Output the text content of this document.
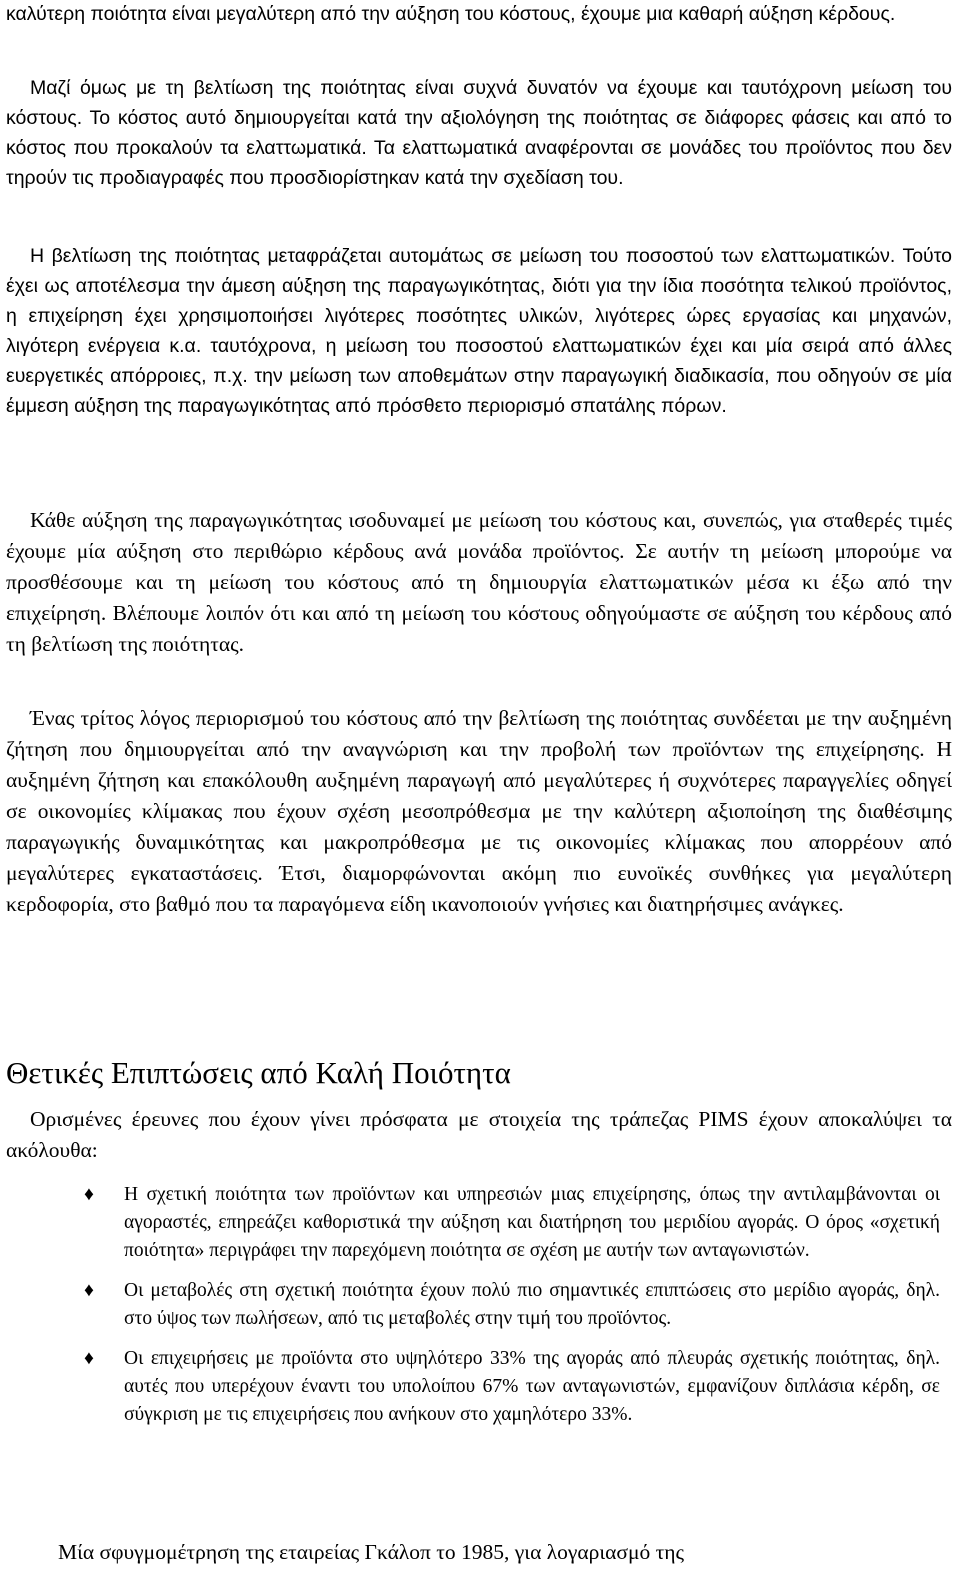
καλύτερη ποιότητα είναι μεγαλύτερη από την αύξηση του κόστους, έχουμε μια καθαρή αύξηση κέρδους.

Μαζί όμως με τη βελτίωση της ποιότητας είναι συχνά δυνατόν να έχουμε και ταυτόχρονη μείωση του κόστους. Το κόστος αυτό δημιουργείται κατά την αξιολόγηση της ποιότητας σε διάφορες φάσεις και από το κόστος που προκαλούν τα ελαττωματικά. Τα ελαττωματικά αναφέρονται σε μονάδες του προϊόντος που δεν τηρούν τις προδιαγραφές που προσδιορίστηκαν κατά την σχεδίαση του.

Η βελτίωση της ποιότητας μεταφράζεται αυτομάτως σε μείωση του ποσοστού των ελαττωματικών. Τούτο έχει ως αποτέλεσμα την άμεση αύξηση της παραγωγικότητας, διότι για την ίδια ποσότητα τελικού προϊόντος, η επιχείρηση έχει χρησιμοποιήσει λιγότερες ποσότητες υλικών, λιγότερες ώρες εργασίας και μηχανών, λιγότερη ενέργεια κ.α. ταυτόχρονα, η μείωση του ποσοστού ελαττωματικών έχει και μία σειρά από άλλες ευεργετικές απόρροιες, π.χ. την μείωση των αποθεμάτων στην παραγωγική διαδικασία, που οδηγούν σε μία έμμεση αύξηση της παραγωγικότητας από πρόσθετο περιορισμό σπατάλης πόρων.

Κάθε αύξηση της παραγωγικότητας ισοδυναμεί με μείωση του κόστους και, συνεπώς, για σταθερές τιμές έχουμε μία αύξηση στο περιθώριο κέρδους ανά μονάδα προϊόντος. Σε αυτήν τη μείωση μπορούμε να προσθέσουμε και τη μείωση του κόστους από τη δημιουργία ελαττωματικών μέσα κι έξω από την επιχείρηση. Βλέπουμε λοιπόν ότι και από τη μείωση του κόστους οδηγούμαστε σε αύξηση του κέρδους από τη βελτίωση της ποιότητας.

Ένας τρίτος λόγος περιορισμού του κόστους από την βελτίωση της ποιότητας συνδέεται με την αυξημένη ζήτηση που δημιουργείται από την αναγνώριση και την προβολή των προϊόντων της επιχείρησης. Η αυξημένη ζήτηση και επακόλουθη αυξημένη παραγωγή από μεγαλύτερες ή συχνότερες παραγγελίες οδηγεί σε οικονομίες κλίμακας που έχουν σχέση μεσοπρόθεσμα με την καλύτερη αξιοποίηση της διαθέσιμης παραγωγικής δυναμικότητας και μακροπρόθεσμα με τις οικονομίες κλίμακας που απορρέουν από μεγαλύτερες εγκαταστάσεις. Έτσι, διαμορφώνονται ακόμη πιο ευνοϊκές συνθήκες για μεγαλύτερη κερδοφορία, στο βαθμό που τα παραγόμενα είδη ικανοποιούν γνήσιες και διατηρήσιμες ανάγκες.

Θετικές Επιπτώσεις από Καλή Ποιότητα

Ορισμένες έρευνες που έχουν γίνει πρόσφατα με στοιχεία της τράπεζας PIMS έχουν αποκαλύψει τα ακόλουθα:

♦ Η σχετική ποιότητα των προϊόντων και υπηρεσιών μιας επιχείρησης, όπως την αντιλαμβάνονται οι αγοραστές, επηρεάζει καθοριστικά την αύξηση και διατήρηση του μεριδίου αγοράς. Ο όρος «σχετική ποιότητα» περιγράφει την παρεχόμενη ποιότητα σε σχέση με αυτήν των ανταγωνιστών.
♦ Οι μεταβολές στη σχετική ποιότητα έχουν πολύ πιο σημαντικές επιπτώσεις στο μερίδιο αγοράς, δηλ. στο ύψος των πωλήσεων, από τις μεταβολές στην τιμή του προϊόντος.
♦ Οι επιχειρήσεις με προϊόντα στο υψηλότερο 33% της αγοράς από πλευράς σχετικής ποιότητας, δηλ. αυτές που υπερέχουν έναντι του υπολοίπου 67% των ανταγωνιστών, εμφανίζουν διπλάσια κέρδη, σε σύγκριση με τις επιχειρήσεις που ανήκουν στο χαμηλότερο 33%.

Μία σφυγμομέτρηση της εταιρείας Γκάλοπ το 1985, για λογαριασμό της
